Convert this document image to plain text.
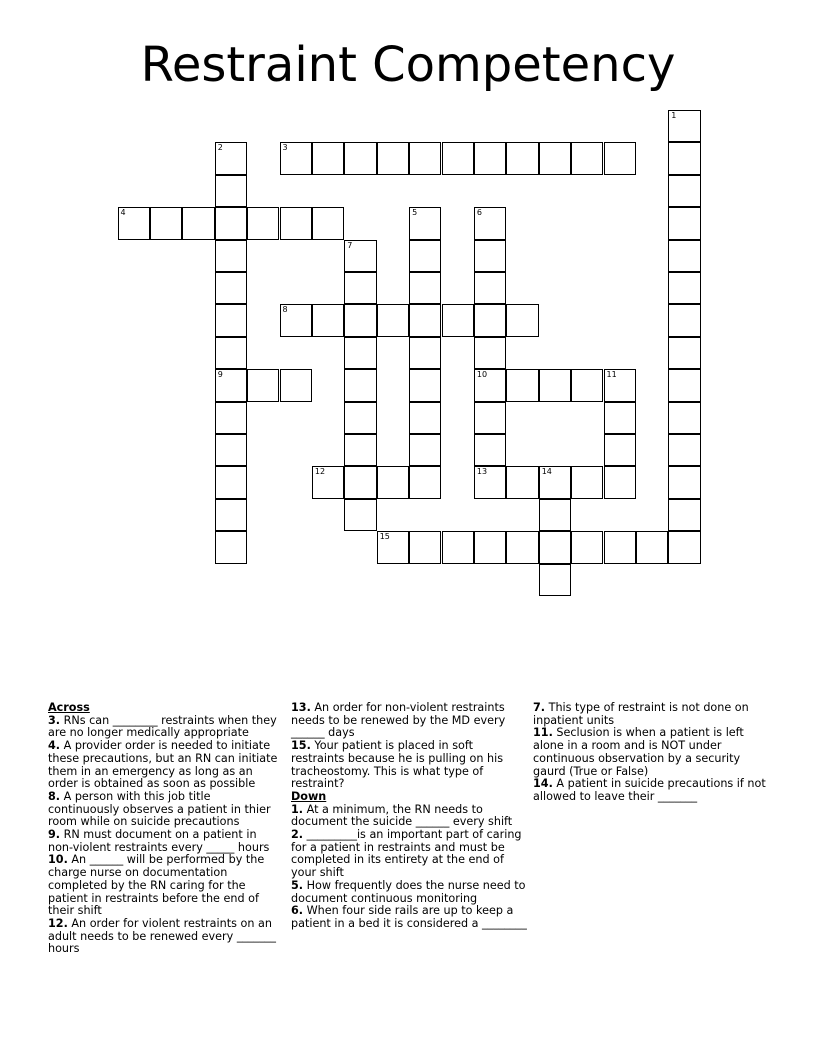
Restraint Competency
1
2
9
3
4	5	6
10
13
7
8
11
12	14
15
Across

3. RNs can ________ restraints when they are no longer medically appropriate

4. A provider order is needed to initiate these precautions, but an RN can initiate them in an emergency as long as an order is obtained as soon as possible

8. A person with this job title continuously observes a patient in thier room while on suicide precautions

9. RN must document on a patient in non-violent restraints every _____ hours

10. An ______ will be performed by the charge nurse on documentation completed by the RN caring for the patient in restraints before the end of their shift

12. An order for violent restraints on an adult needs to be renewed every _______ hours

13. An order for non-violent restraints needs to be renewed by the MD every ______ days

15. Your patient is placed in soft restraints because he is pulling on his tracheostomy. This is what type of restraint?

Down

1. At a minimum, the RN needs to document the suicide ______ every shift

2. _________is an important part of caring for a patient in restraints and must be completed in its entirety at the end of your shift

5. How frequently does the nurse need to document continuous monitoring

6. When four side rails are up to keep a patient in a bed it is considered a ________

7. This type of restraint is not done on inpatient units

11. Seclusion is when a patient is left alone in a room and is NOT under continuous observation by a security gaurd (True or False)

14. A patient in suicide precautions if not allowed to leave their _______
